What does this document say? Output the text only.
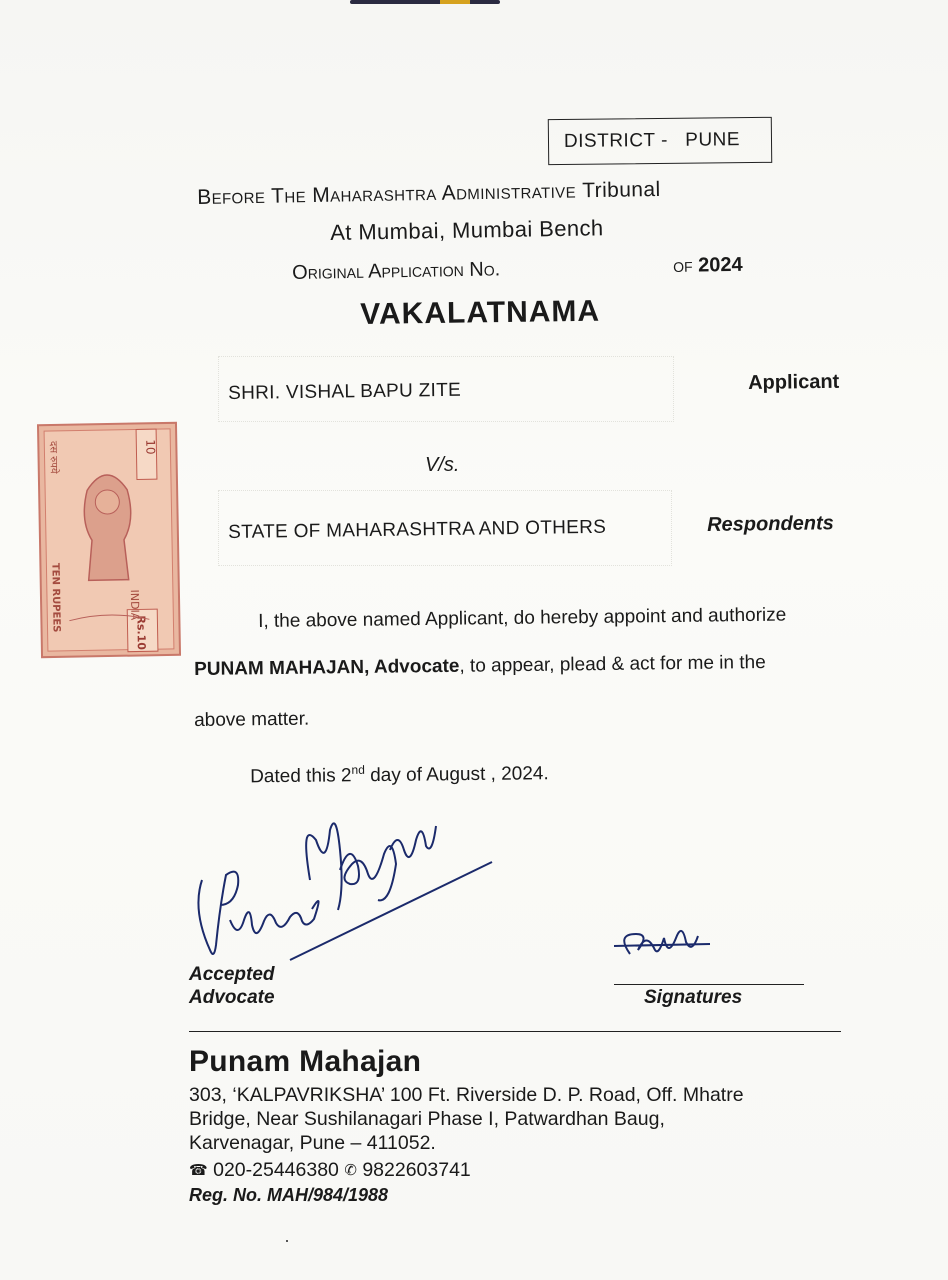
DISTRICT -
PUNE
Before The Maharashtra Administrative Tribunal
At Mumbai, Mumbai Bench
Original Application No.	of 2024
VAKALATNAMA
SHRI. VISHAL BAPU ZITE	Applicant
V/s.
STATE OF MAHARASHTRA AND OTHERS	Respondents
10
Rs.10
INDIA
TEN RUPEES
दस रुपये
I, the above named Applicant, do hereby appoint and authorize
PUNAM MAHAJAN, Advocate, to appear, plead & act for me in the
above matter.
Dated this 2nd day of August , 2024.
Accepted
Advocate	Signatures
Punam Mahajan
303, ‘KALPAVRIKSHA’ 100 Ft. Riverside D. P. Road, Off. Mhatre
Bridge, Near Sushilanagari Phase I, Patwardhan Baug,
Karvenagar, Pune – 411052.
☎ 020-25446380 ✆ 9822603741
Reg. No. MAH/984/1988
